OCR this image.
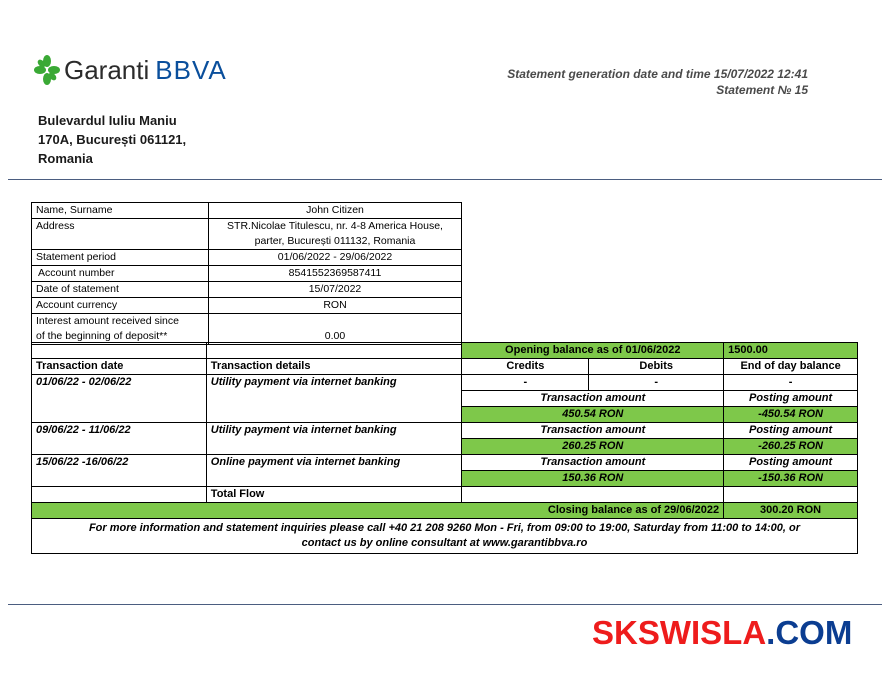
Garanti BBVA	Statement generation date and time 15/07/2022 12:41
Statement № 15
Bulevardul Iuliu Maniu
170A, București 061121,
Romania
Name, Surname	John Citizen
Address	STR.Nicolae Titulescu, nr. 4-8 America House,
parter, București 011132, Romania

Statement period	01/06/2022 - 29/06/2022
Account number	8541552369587411
Date of statement	15/07/2022
Account currency	RON

Interest amount received since
of the beginning of deposit**	0.00
		Opening balance as of 01/06/2022		1500.00
Transaction date	Transaction details	Credits	Debits	End of day balance
01/06/22 - 02/06/22	Utility payment via internet banking	-	-	-
		Transaction amount		Posting amount
		450.54 RON		-450.54 RON
09/06/22 - 11/06/22	Utility payment via internet banking	Transaction amount		Posting amount
		260.25 RON		-260.25 RON
15/06/22 -16/06/22	Online payment via internet banking	Transaction amount		Posting amount
		150.36 RON		-150.36 RON
	Total Flow			
Closing balance as of 29/06/2022				300.20 RON

For more information and statement inquiries please call +40 21 208 9260 Mon - Fri, from 09:00 to 19:00, Saturday from 11:00 to 14:00, or
contact us by online consultant at www.garantibbva.ro				
SKSWISLA.COM
